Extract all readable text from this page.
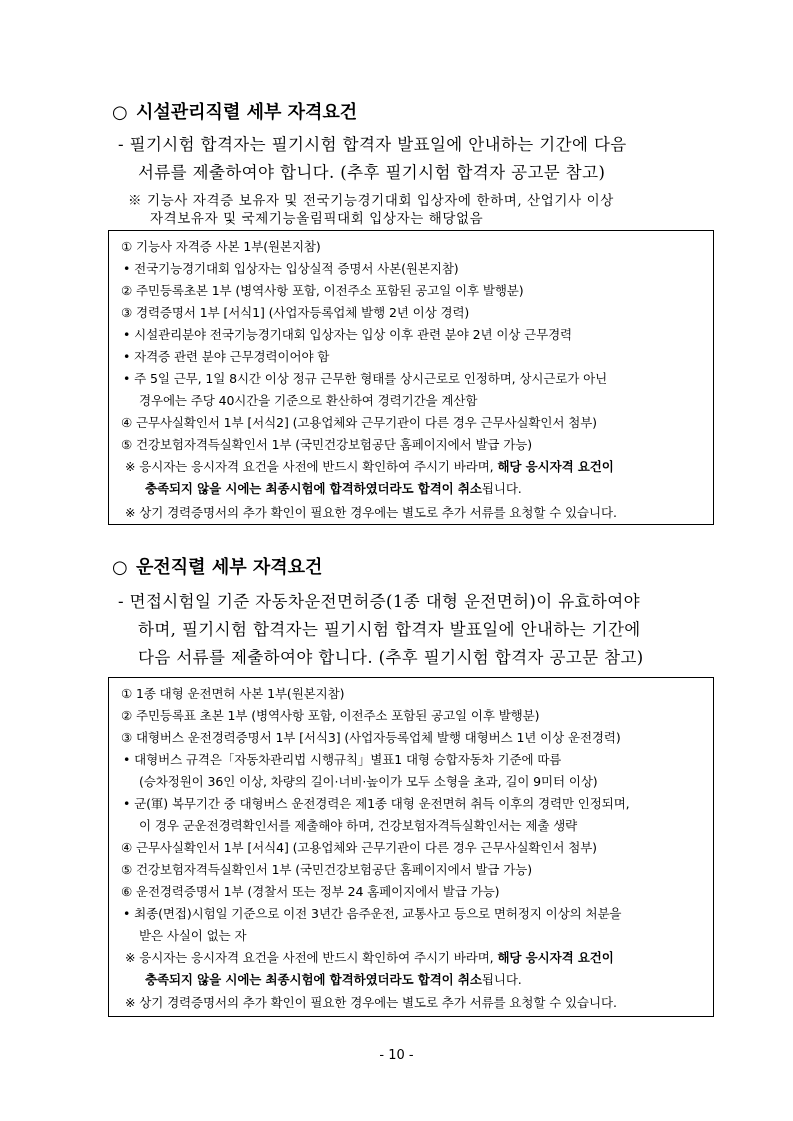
○ 시설관리직렬 세부 자격요건
- 필기시험 합격자는 필기시험 합격자 발표일에 안내하는 기간에 다음
서류를 제출하여야 합니다. (추후 필기시험 합격자 공고문 참고)
※ 기능사 자격증 보유자 및 전국기능경기대회 입상자에 한하며, 산업기사 이상
자격보유자 및 국제기능올림픽대회 입상자는 해당없음
① 기능사 자격증 사본 1부(원본지참)
• 전국기능경기대회 입상자는 입상실적 증명서 사본(원본지참)
② 주민등록초본 1부 (병역사항 포함, 이전주소 포함된 공고일 이후 발행분)
③ 경력증명서 1부 [서식1] (사업자등록업체 발행 2년 이상 경력)
• 시설관리분야 전국기능경기대회 입상자는 입상 이후 관련 분야 2년 이상 근무경력
• 자격증 관련 분야 근무경력이어야 함
• 주 5일 근무, 1일 8시간 이상 정규 근무한 형태를 상시근로로 인정하며, 상시근로가 아닌
경우에는 주당 40시간을 기준으로 환산하여 경력기간을 계산함
④ 근무사실확인서 1부 [서식2] (고용업체와 근무기관이 다른 경우 근무사실확인서 첨부)
⑤ 건강보험자격득실확인서 1부 (국민건강보험공단 홈페이지에서 발급 가능)
※ 응시자는 응시자격 요건을 사전에 반드시 확인하여 주시기 바라며, 해당 응시자격 요건이
충족되지 않을 시에는 최종시험에 합격하였더라도 합격이 취소됩니다.
※ 상기 경력증명서의 추가 확인이 필요한 경우에는 별도로 추가 서류를 요청할 수 있습니다.
○ 운전직렬 세부 자격요건
- 면접시험일 기준 자동차운전면허증(1종 대형 운전면허)이 유효하여야
하며, 필기시험 합격자는 필기시험 합격자 발표일에 안내하는 기간에
다음 서류를 제출하여야 합니다. (추후 필기시험 합격자 공고문 참고)
① 1종 대형 운전면허 사본 1부(원본지참)
② 주민등록표 초본 1부 (병역사항 포함, 이전주소 포함된 공고일 이후 발행분)
③ 대형버스 운전경력증명서 1부 [서식3] (사업자등록업체 발행 대형버스 1년 이상 운전경력)
• 대형버스 규격은「자동차관리법 시행규칙」별표1 대형 승합자동차 기준에 따름
(승차정원이 36인 이상, 차량의 길이·너비·높이가 모두 소형을 초과, 길이 9미터 이상)
• 군(軍) 복무기간 중 대형버스 운전경력은 제1종 대형 운전면허 취득 이후의 경력만 인정되며,
이 경우 군운전경력확인서를 제출해야 하며, 건강보험자격득실확인서는 제출 생략
④ 근무사실확인서 1부 [서식4] (고용업체와 근무기관이 다른 경우 근무사실확인서 첨부)
⑤ 건강보험자격득실확인서 1부 (국민건강보험공단 홈페이지에서 발급 가능)
⑥ 운전경력증명서 1부 (경찰서 또는 정부 24 홈페이지에서 발급 가능)
• 최종(면접)시험일 기준으로 이전 3년간 음주운전, 교통사고 등으로 면허정지 이상의 처분을
받은 사실이 없는 자
※ 응시자는 응시자격 요건을 사전에 반드시 확인하여 주시기 바라며, 해당 응시자격 요건이
충족되지 않을 시에는 최종시험에 합격하였더라도 합격이 취소됩니다.
※ 상기 경력증명서의 추가 확인이 필요한 경우에는 별도로 추가 서류를 요청할 수 있습니다.
- 10 -
